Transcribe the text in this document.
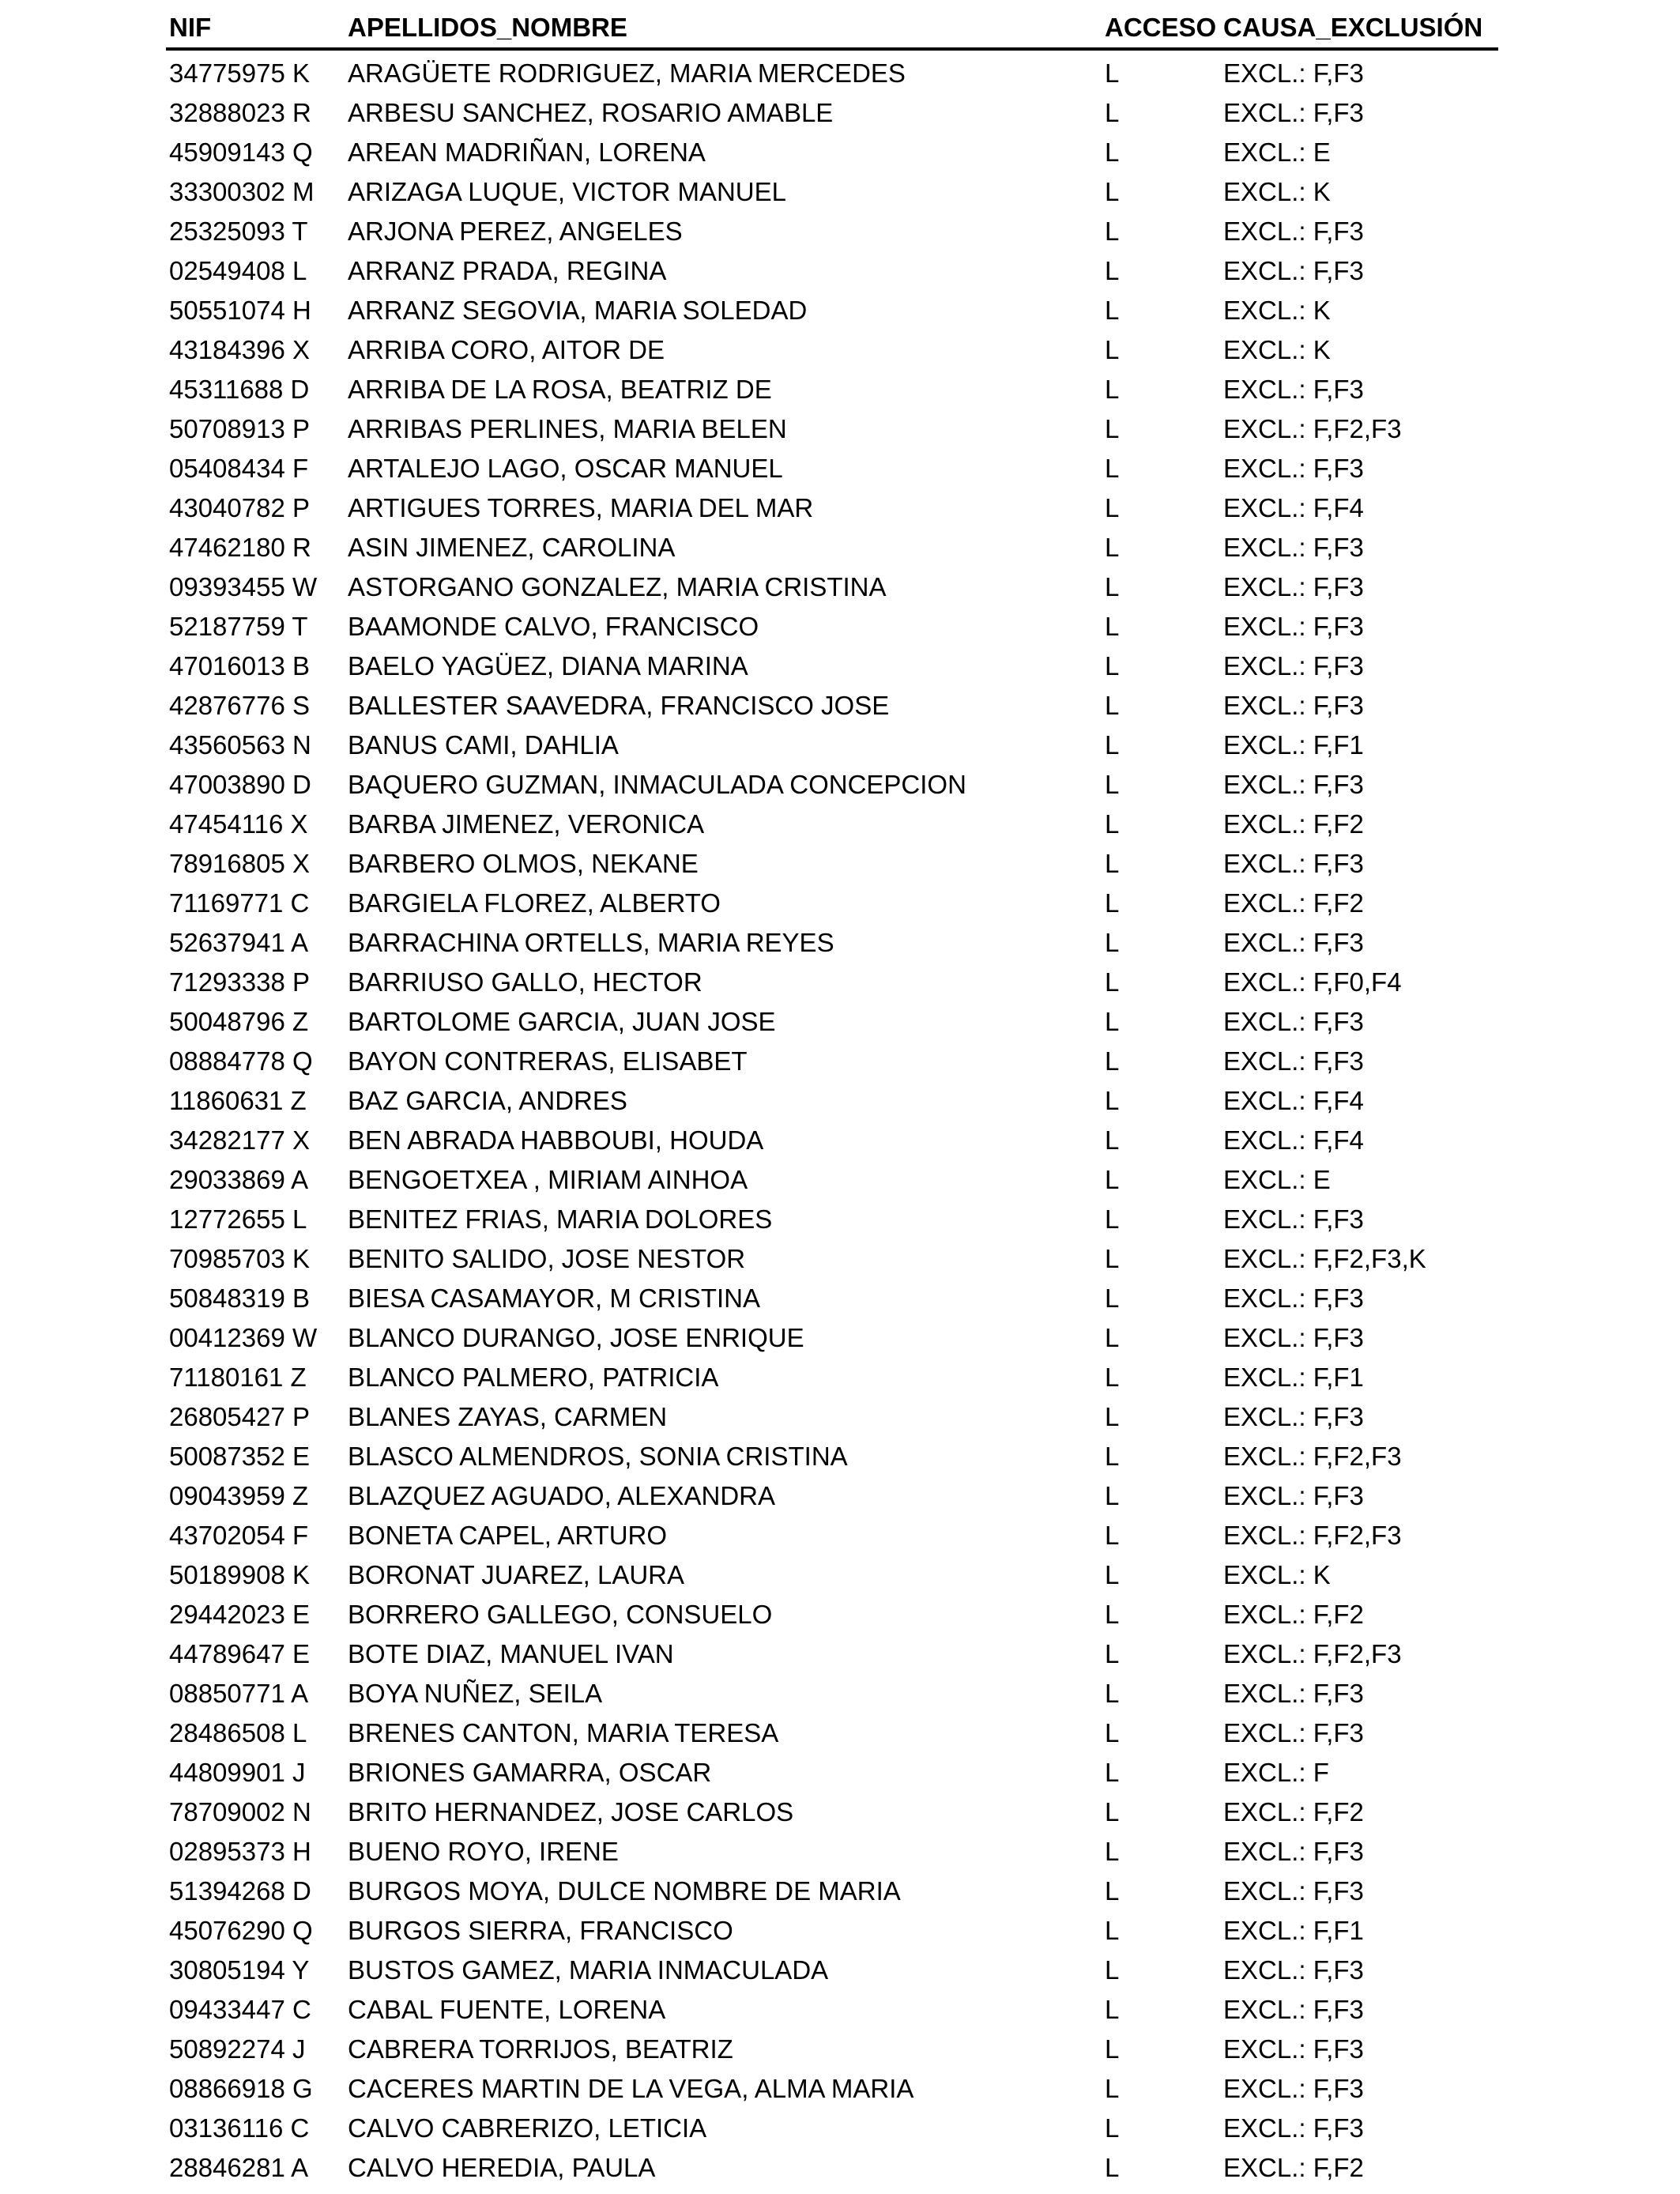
NIF	APELLIDOS_NOMBRE	ACCESO CAUSA_EXCLUSIÓN
34775975 K ARAGÜETE RODRIGUEZ, MARIA MERCEDES	L	EXCL.: F,F3
32888023 R ARBESU SANCHEZ, ROSARIO AMABLE	L	EXCL.: F,F3
45909143 Q AREAN MADRIÑAN, LORENA	L	EXCL.: E
33300302 M ARIZAGA LUQUE, VICTOR MANUEL	L	EXCL.: K
25325093 T ARJONA PEREZ, ANGELES	L	EXCL.: F,F3
02549408 L ARRANZ PRADA, REGINA	L	EXCL.: F,F3
50551074 H ARRANZ SEGOVIA, MARIA SOLEDAD	L	EXCL.: K
43184396 X ARRIBA CORO, AITOR DE	L	EXCL.: K
45311688 D ARRIBA DE LA ROSA, BEATRIZ DE	L	EXCL.: F,F3
50708913 P ARRIBAS PERLINES, MARIA BELEN	L	EXCL.: F,F2,F3
05408434 F ARTALEJO LAGO, OSCAR MANUEL	L	EXCL.: F,F3
43040782 P ARTIGUES TORRES, MARIA DEL MAR	L	EXCL.: F,F4
47462180 R ASIN JIMENEZ, CAROLINA	L	EXCL.: F,F3
09393455 W ASTORGANO GONZALEZ, MARIA CRISTINA	L	EXCL.: F,F3
52187759 T BAAMONDE CALVO, FRANCISCO	L	EXCL.: F,F3
47016013 B BAELO YAGÜEZ, DIANA MARINA	L	EXCL.: F,F3
42876776 S BALLESTER SAAVEDRA, FRANCISCO JOSE	L	EXCL.: F,F3
43560563 N BANUS CAMI, DAHLIA	L	EXCL.: F,F1
47003890 D BAQUERO GUZMAN, INMACULADA CONCEPCION	L	EXCL.: F,F3
47454116 X BARBA JIMENEZ, VERONICA	L	EXCL.: F,F2
78916805 X BARBERO OLMOS, NEKANE	L	EXCL.: F,F3
71169771 C BARGIELA FLOREZ, ALBERTO	L	EXCL.: F,F2
52637941 A BARRACHINA ORTELLS, MARIA REYES	L	EXCL.: F,F3
71293338 P BARRIUSO GALLO, HECTOR	L	EXCL.: F,F0,F4
50048796 Z BARTOLOME GARCIA, JUAN JOSE	L	EXCL.: F,F3
08884778 Q BAYON CONTRERAS, ELISABET	L	EXCL.: F,F3
11860631 Z BAZ GARCIA, ANDRES	L	EXCL.: F,F4
34282177 X BEN ABRADA HABBOUBI, HOUDA	L	EXCL.: F,F4
29033869 A BENGOETXEA , MIRIAM AINHOA	L	EXCL.: E
12772655 L BENITEZ FRIAS, MARIA DOLORES	L	EXCL.: F,F3
70985703 K BENITO SALIDO, JOSE NESTOR	L	EXCL.: F,F2,F3,K
50848319 B BIESA CASAMAYOR, M CRISTINA	L	EXCL.: F,F3
00412369 W BLANCO DURANGO, JOSE ENRIQUE	L	EXCL.: F,F3
71180161 Z BLANCO PALMERO, PATRICIA	L	EXCL.: F,F1
26805427 P BLANES ZAYAS, CARMEN	L	EXCL.: F,F3
50087352 E BLASCO ALMENDROS, SONIA CRISTINA	L	EXCL.: F,F2,F3
09043959 Z BLAZQUEZ AGUADO, ALEXANDRA	L	EXCL.: F,F3
43702054 F BONETA CAPEL, ARTURO	L	EXCL.: F,F2,F3
50189908 K BORONAT JUAREZ, LAURA	L	EXCL.: K
29442023 E BORRERO GALLEGO, CONSUELO	L	EXCL.: F,F2
44789647 E BOTE DIAZ, MANUEL IVAN	L	EXCL.: F,F2,F3
08850771 A BOYA NUÑEZ, SEILA	L	EXCL.: F,F3
28486508 L BRENES CANTON, MARIA TERESA	L	EXCL.: F,F3
44809901 J BRIONES GAMARRA, OSCAR	L	EXCL.: F
78709002 N BRITO HERNANDEZ, JOSE CARLOS	L	EXCL.: F,F2
02895373 H BUENO ROYO, IRENE	L	EXCL.: F,F3
51394268 D BURGOS MOYA, DULCE NOMBRE DE MARIA	L	EXCL.: F,F3
45076290 Q BURGOS SIERRA, FRANCISCO	L	EXCL.: F,F1
30805194 Y BUSTOS GAMEZ, MARIA INMACULADA	L	EXCL.: F,F3
09433447 C CABAL FUENTE, LORENA	L	EXCL.: F,F3
50892274 J CABRERA TORRIJOS, BEATRIZ	L	EXCL.: F,F3
08866918 G CACERES MARTIN DE LA VEGA, ALMA MARIA	L	EXCL.: F,F3
03136116 C CALVO CABRERIZO, LETICIA	L	EXCL.: F,F3
28846281 A CALVO HEREDIA, PAULA	L	EXCL.: F,F2
